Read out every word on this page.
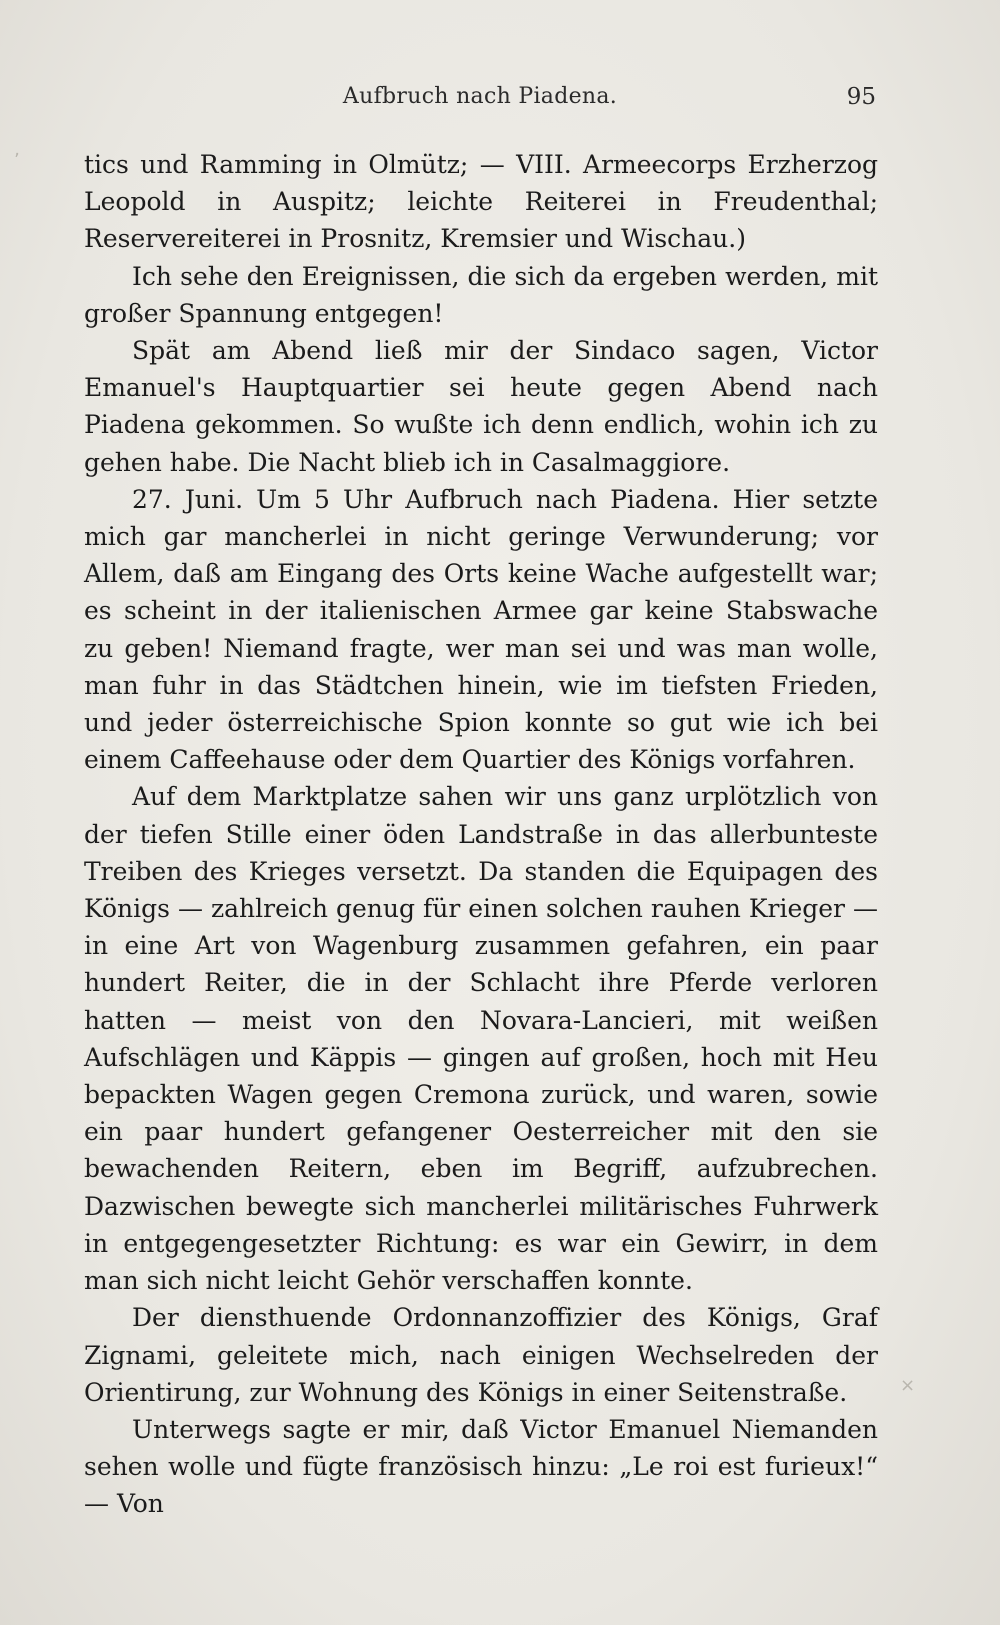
Aufbruch nach Piadena.	95

tics und Ramming in Olmütz; — VIII. Armeecorps Erzherzog Leopold in Auspitz; leichte Reiterei in Freudenthal; Reservereiterei in Prosnitz, Kremsier und Wischau.)

Ich sehe den Ereignissen, die sich da ergeben werden, mit großer Spannung entgegen!

Spät am Abend ließ mir der Sindaco sagen, Victor Emanuel's Hauptquartier sei heute gegen Abend nach Piadena gekommen. So wußte ich denn endlich, wohin ich zu gehen habe. Die Nacht blieb ich in Casalmaggiore.

27. Juni. Um 5 Uhr Aufbruch nach Piadena. Hier setzte mich gar mancherlei in nicht geringe Verwunderung; vor Allem, daß am Eingang des Orts keine Wache aufgestellt war; es scheint in der italienischen Armee gar keine Stabswache zu geben! Niemand fragte, wer man sei und was man wolle, man fuhr in das Städtchen hinein, wie im tiefsten Frieden, und jeder österreichische Spion konnte so gut wie ich bei einem Caffeehause oder dem Quartier des Königs vorfahren.

Auf dem Marktplatze sahen wir uns ganz urplötzlich von der tiefen Stille einer öden Landstraße in das allerbunteste Treiben des Krieges versetzt. Da standen die Equipagen des Königs — zahlreich genug für einen solchen rauhen Krieger — in eine Art von Wagenburg zusammen gefahren, ein paar hundert Reiter, die in der Schlacht ihre Pferde verloren hatten — meist von den Novara-Lancieri, mit weißen Aufschlägen und Käppis — gingen auf großen, hoch mit Heu bepackten Wagen gegen Cremona zurück, und waren, sowie ein paar hundert gefangener Oesterreicher mit den sie bewachenden Reitern, eben im Begriff, aufzubrechen. Dazwischen bewegte sich mancherlei militärisches Fuhrwerk in entgegengesetzter Richtung: es war ein Gewirr, in dem man sich nicht leicht Gehör verschaffen konnte.

Der diensthuende Ordonnanzoffizier des Königs, Graf Zignami, geleitete mich, nach einigen Wechselreden der Orientirung, zur Wohnung des Königs in einer Seitenstraße.

Unterwegs sagte er mir, daß Victor Emanuel Niemanden sehen wolle und fügte französisch hinzu: „Le roi est furieux!“ — Von

ʼ
×
